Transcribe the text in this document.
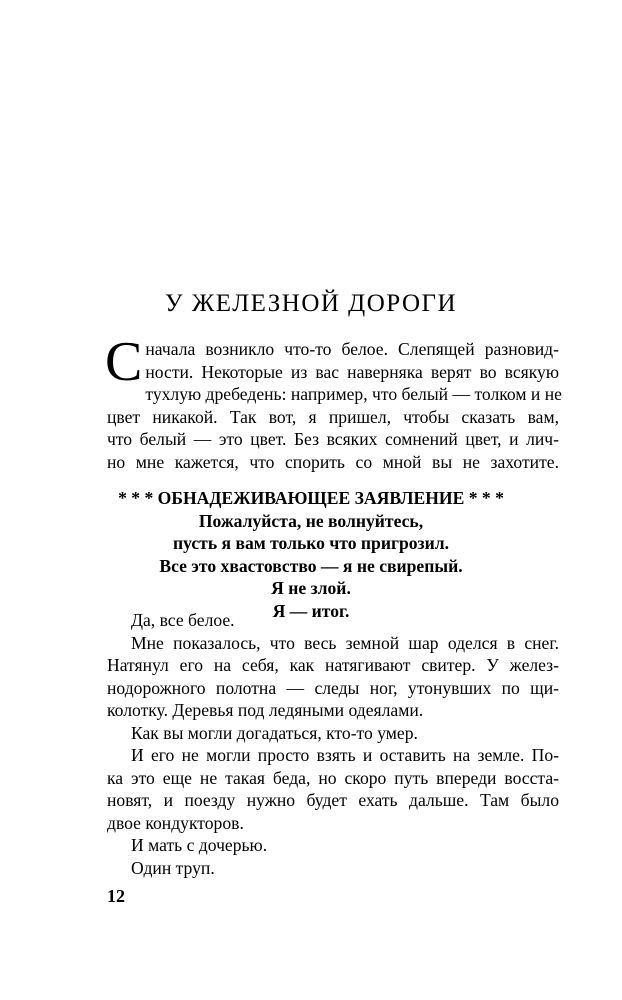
У ЖЕЛЕЗНОЙ ДОРОГИ
С начала возникло что-то белое. Слепящей разновид-
ности. Некоторые из вас наверняка верят во всякую
тухлую дребедень: например, что белый — толком и не
цвет никакой. Так вот, я пришел, чтобы сказать вам,
что белый — это цвет. Без всяких сомнений цвет, и лич-
но мне кажется, что спорить со мной вы не захотите.
* * * ОБНАДЕЖИВАЮЩЕЕ ЗАЯВЛЕНИЕ * * *
Пожалуйста, не волнуйтесь,
пусть я вам только что пригрозил.
Все это хвастовство — я не свирепый.
Я не злой.
Я — итог.
Да, все белое.
Мне показалось, что весь земной шар оделся в снег.
Натянул его на себя, как натягивают свитер. У желез-
нодорожного полотна — следы ног, утонувших по щи-
колотку. Деревья под ледяными одеялами.
Как вы могли догадаться, кто-то умер.
И его не могли просто взять и оставить на земле. По-
ка это еще не такая беда, но скоро путь впереди восста-
новят, и поезду нужно будет ехать дальше. Там было
двое кондукторов.
И мать с дочерью.
Один труп.
12
